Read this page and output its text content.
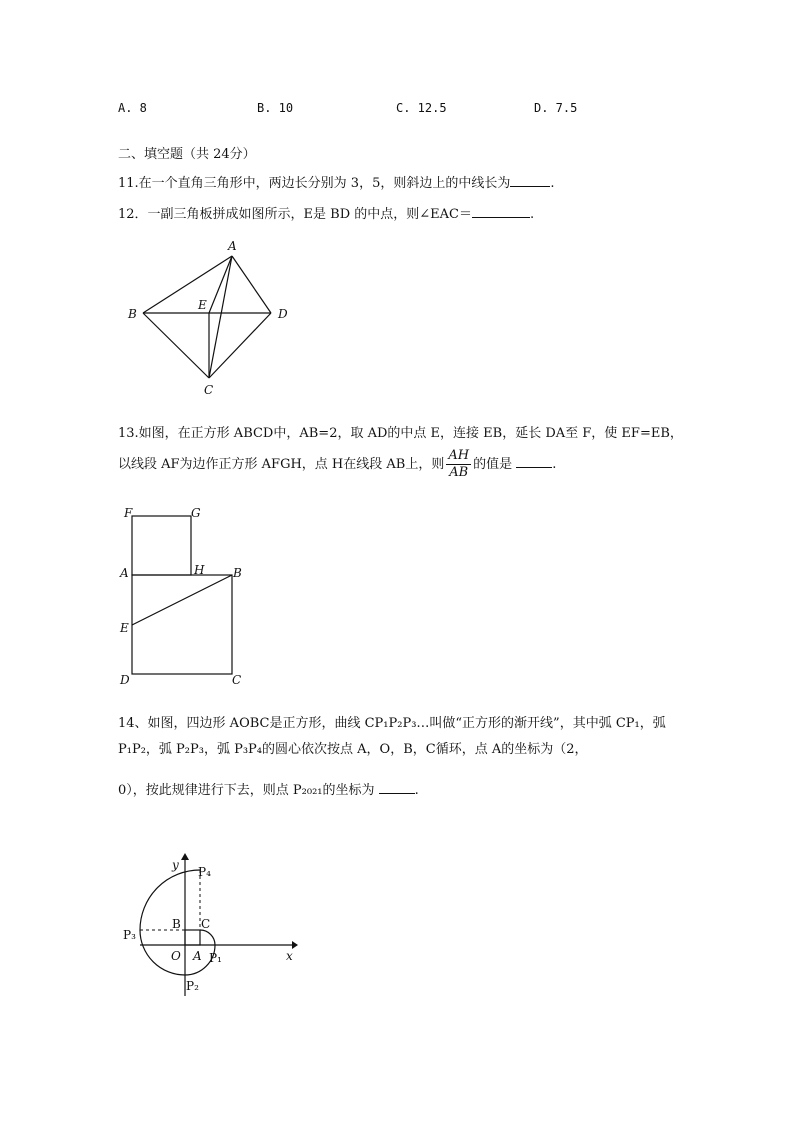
A. 8	B. 10	C. 12.5	D. 7.5
二、填空题（共 24分）
11.在一个直角三角形中，两边长分别为 3，5，则斜边上的中线长为	.
12．一副三角板拼成如图所示，E是 BD 的中点，则∠EAC＝	.
A
B	D
E
C
13.如图，在正方形 ABCD中，AB=2，取 AD的中点 E，连接 EB，延长 DA至 F，使 EF=EB，
以线段 AF为边作正方形 AFGH，点 H在线段 AB上，则 $\frac{AH}{AB}$ 的值是	.
F	G
A	H B
E
D	C
14、如图，四边形 AOBC是正方形，曲线 CP₁P₂P₃…叫做“正方形的渐开线”，其中弧 CP₁，弧
P₁P₂，弧 P₂P₃，弧 P₃P₄的圆心依次按点 A，O，B，C循环，点 A的坐标为（2，
0），按此规律进行下去，则点 P₂₀₂₁的坐标为	.
y
x
P₄
P₃
B C
O A P₁
P₂
